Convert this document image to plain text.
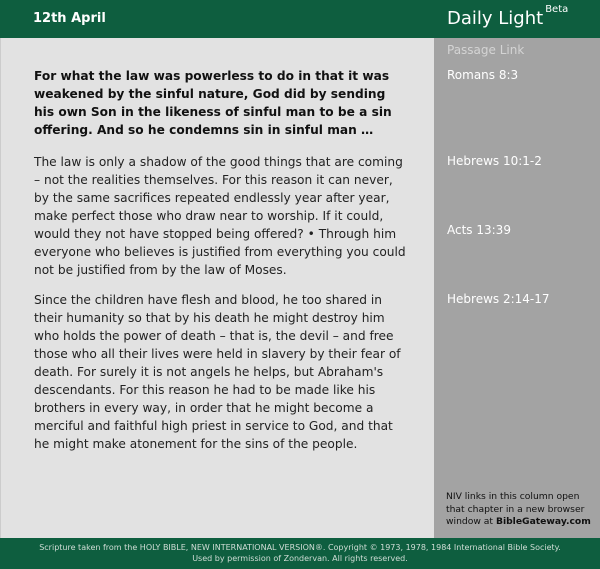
12th April	Daily Light $^{Beta}$

For what the law was powerless to do in that it was weakened by the sinful nature, God did by sending his own Son in the likeness of sinful man to be a sin offering. And so he condemns sin in sinful man …

The law is only a shadow of the good things that are coming – not the realities themselves. For this reason it can never, by the same sacrifices repeated endlessly year after year, make perfect those who draw near to worship. If it could, would they not have stopped being offered? • Through him everyone who believes is justified from everything you could not be justified from by the law of Moses.

Since the children have flesh and blood, he too shared in their humanity so that by his death he might destroy him who holds the power of death – that is, the devil – and free those who all their lives were held in slavery by their fear of death. For surely it is not angels he helps, but Abraham's descendants. For this reason he had to be made like his brothers in every way, in order that he might become a merciful and faithful high priest in service to God, and that he might make atonement for the sins of the people.

Passage Link
Romans 8:3
Hebrews 10:1-2
Acts 13:39
Hebrews 2:14-17

NIV links in this column open that chapter in a new browser window at BibleGateway.com

Scripture taken from the HOLY BIBLE, NEW INTERNATIONAL VERSION®. Copyright © 1973, 1978, 1984 International Bible Society.
Used by permission of Zondervan. All rights reserved.
